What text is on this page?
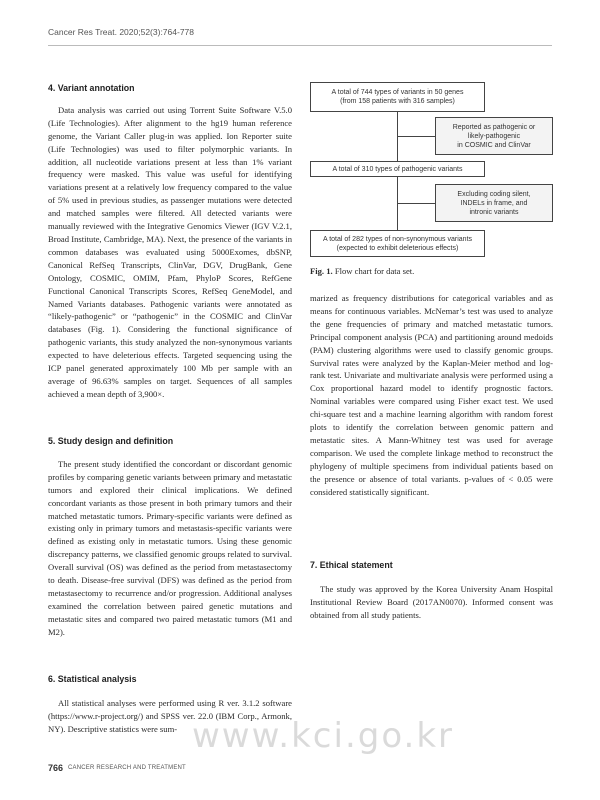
Cancer Res Treat. 2020;52(3):764-778
4. Variant annotation

Data analysis was carried out using Torrent Suite Software V.5.0 (Life Technologies). After alignment to the hg19 human reference genome, the Variant Caller plug-in was applied. Ion Reporter suite (Life Technologies) was used to filter polymorphic variants. In addition, all nucleotide variations present at less than 1% variant frequency were masked. This value was useful for identifying variations present at a relatively low frequency compared to the value of 5% used in previous studies, as passenger mutations were detected and matched samples were filtered. All detected variants were manually reviewed with the Integrative Genomics Viewer (IGV V.2.1, Broad Institute, Cambridge, MA). Next, the presence of the variants in common databases was evaluated using 5000Exomes, dbSNP, Canonical RefSeq Transcripts, ClinVar, DGV, DrugBank, Gene Ontology, COSMIC, OMIM, Pfam, PhyloP Scores, RefGene Functional Canonical Transcripts Scores, RefSeq GeneModel, and Named Variants databases. Pathogenic variants were annotated as “likely-pathogenic” or “pathogenic” in the COSMIC and ClinVar databases (Fig. 1). Considering the functional significance of pathogenic variants, this study analyzed the non-synonymous variants expected to have deleterious effects. Targeted sequencing using the ICP panel generated approximately 100 Mb per sample with an average of 96.63% samples on target. Sequences of all samples achieved a mean depth of 3,900×.

5. Study design and definition

The present study identified the concordant or discordant genomic profiles by comparing genetic variants between primary and metastatic tumors and explored their clinical implications. We defined concordant variants as those present in both primary tumors and their matched metastatic tumors. Primary-specific variants were defined as existing only in primary tumors and metastasis-specific variants were defined as existing only in metastatic tumors. Using these genomic discrepancy patterns, we classified genomic groups related to survival. Overall survival (OS) was defined as the period from metastasectomy to death. Disease-free survival (DFS) was defined as the period from metastasectomy to recurrence and/or progression. Additional analyses examined the correlation between paired genetic mutations and metastatic sites and compared two paired metastatic tumors (M1 and M2).

6. Statistical analysis

All statistical analyses were performed using R ver. 3.1.2 software (https://www.r-project.org/) and SPSS ver. 22.0 (IBM Corp., Armonk, NY). Descriptive statistics were sum-

A total of 744 types of variants in 50 genes
(from 158 patients with 316 samples)
Reported as pathogenic or
likely-pathogenic
in COSMIC and ClinVar
A total of 310 types of pathogenic variants
Excluding coding silent,
INDELs in frame, and
intronic variants
A total of 282 types of non-synonymous variants
(expected to exhibit deleterious effects)
Fig. 1. Flow chart for data set.

marized as frequency distributions for categorical variables and as means for continuous variables. McNemar’s test was used to analyze the gene frequencies of primary and matched metastatic tumors. Principal component analysis (PCA) and partitioning around medoids (PAM) clustering algorithms were used to classify genomic groups. Survival rates were analyzed by the Kaplan-Meier method and log-rank test. Univariate and multivariate analysis were performed using a Cox proportional hazard model to identify prognostic factors. Nominal variables were compared using Fisher exact test. We used chi-square test and a machine learning algorithm with random forest plots to identify the correlation between genomic pattern and metastatic sites. A Mann-Whitney test was used for average comparison. We used the complete linkage method to reconstruct the phylogeny of multiple specimens from individual patients based on the presence or absence of total variants. p-values of < 0.05 were considered statistically significant.

7. Ethical statement

The study was approved by the Korea University Anam Hospital Institutional Review Board (2017AN0070). Informed consent was obtained from all study patients.

www.kci.go.kr
766 CANCER RESEARCH AND TREATMENT
